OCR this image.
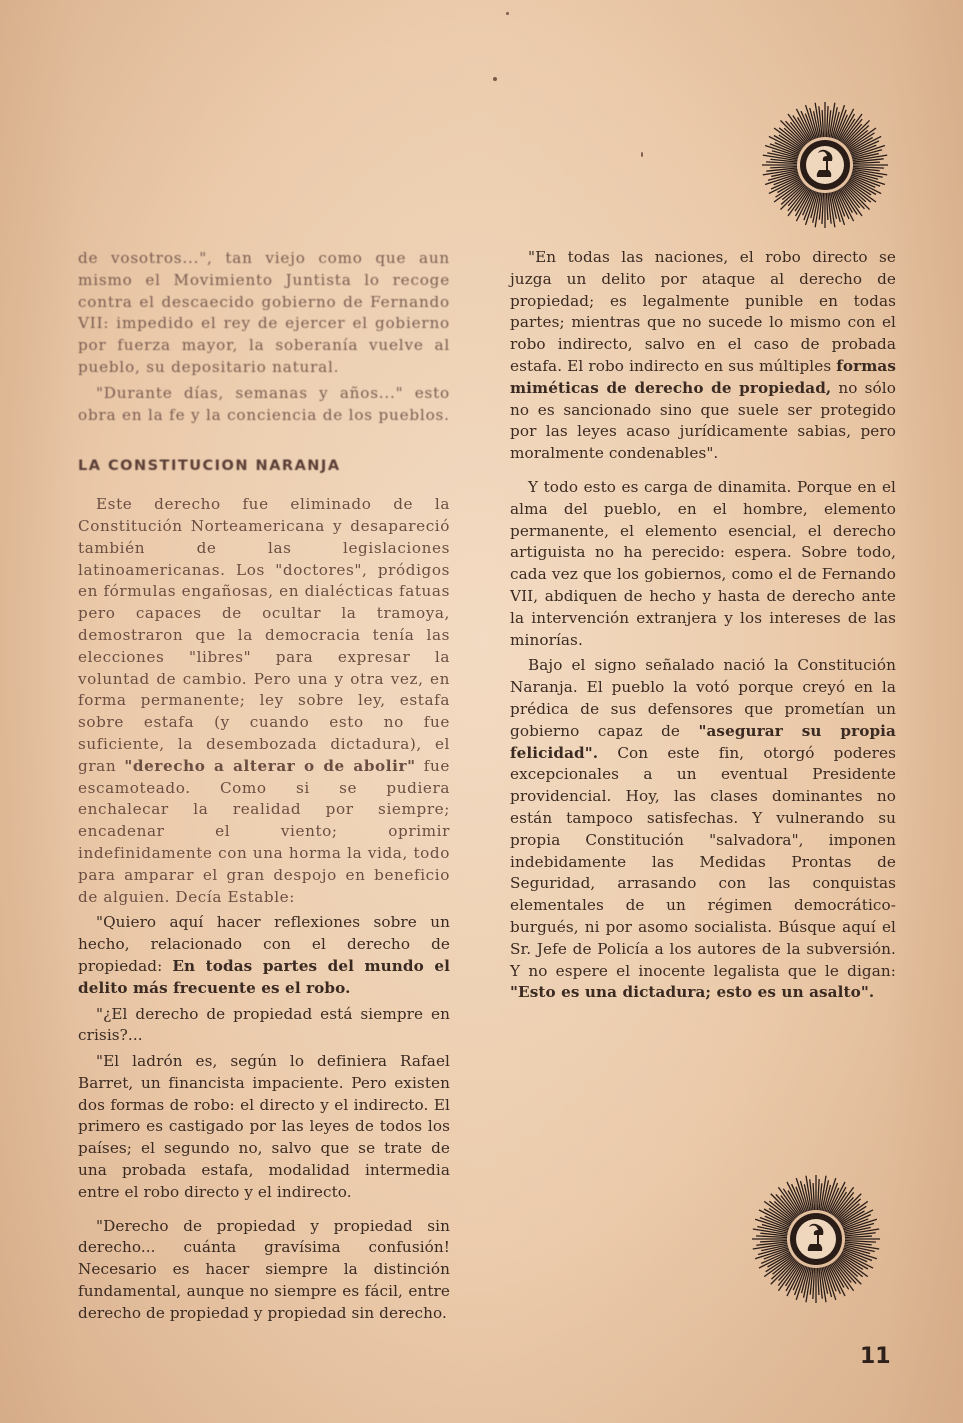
de vosotros...", tan viejo como que aun mismo el Movimiento Juntista lo recoge contra el descaecido gobierno de Fernando VII: impedido el rey de ejercer el gobierno por fuerza mayor, la soberanía vuelve al pueblo, su depositario natural.

"Durante días, semanas y años..." esto obra en la fe y la conciencia de los pueblos.

LA CONSTITUCION NARANJA

Este derecho fue eliminado de la Constitución Norteamericana y desapareció también de las legislaciones latinoamericanas. Los "doctores", pródigos en fórmulas engañosas, en dialécticas fatuas pero capaces de ocultar la tramoya, demostraron que la democracia tenía las elecciones "libres" para expresar la voluntad de cambio. Pero una y otra vez, en forma permanente; ley sobre ley, estafa sobre estafa (y cuando esto no fue suficiente, la desembozada dictadura), el gran "derecho a alterar o de abolir" fue escamoteado. Como si se pudiera enchalecar la realidad por siempre; encadenar el viento; oprimir indefinidamente con una horma la vida, todo para amparar el gran despojo en beneficio de alguien. Decía Estable:

"Quiero aquí hacer reflexiones sobre un hecho, relacionado con el derecho de propiedad: En todas partes del mundo el delito más frecuente es el robo.

"¿El derecho de propiedad está siempre en crisis?...

"El ladrón es, según lo definiera Rafael Barret, un financista impaciente. Pero existen dos formas de robo: el directo y el indirecto. El primero es castigado por las leyes de todos los países; el segundo no, salvo que se trate de una probada estafa, modalidad intermedia entre el robo directo y el indirecto.

"Derecho de propiedad y propiedad sin derecho... cuánta gravísima confusión! Necesario es hacer siempre la distinción fundamental, aunque no siempre es fácil, entre derecho de propiedad y propiedad sin derecho.

"En todas las naciones, el robo directo se juzga un delito por ataque al derecho de propiedad; es legalmente punible en todas partes; mientras que no sucede lo mismo con el robo indirecto, salvo en el caso de probada estafa. El robo indirecto en sus múltiples formas miméticas de derecho de propiedad, no sólo no es sancionado sino que suele ser protegido por las leyes acaso jurídicamente sabias, pero moralmente condenables".

Y todo esto es carga de dinamita. Porque en el alma del pueblo, en el hombre, elemento permanente, el elemento esencial, el derecho artiguista no ha perecido: espera. Sobre todo, cada vez que los gobiernos, como el de Fernando VII, abdiquen de hecho y hasta de derecho ante la intervención extranjera y los intereses de las minorías.

Bajo el signo señalado nació la Constitución Naranja. El pueblo la votó porque creyó en la prédica de sus defensores que prometían un gobierno capaz de "asegurar su propia felicidad". Con este fin, otorgó poderes excepcionales a un eventual Presidente providencial. Hoy, las clases dominantes no están tampoco satisfechas. Y vulnerando su propia Constitución "salvadora", imponen indebidamente las Medidas Prontas de Seguridad, arrasando con las conquistas elementales de un régimen democrático-burgués, ni por asomo socialista. Búsque aquí el Sr. Jefe de Policía a los autores de la subversión. Y no espere el inocente legalista que le digan: "Esto es una dictadura; esto es un asalto".

11
